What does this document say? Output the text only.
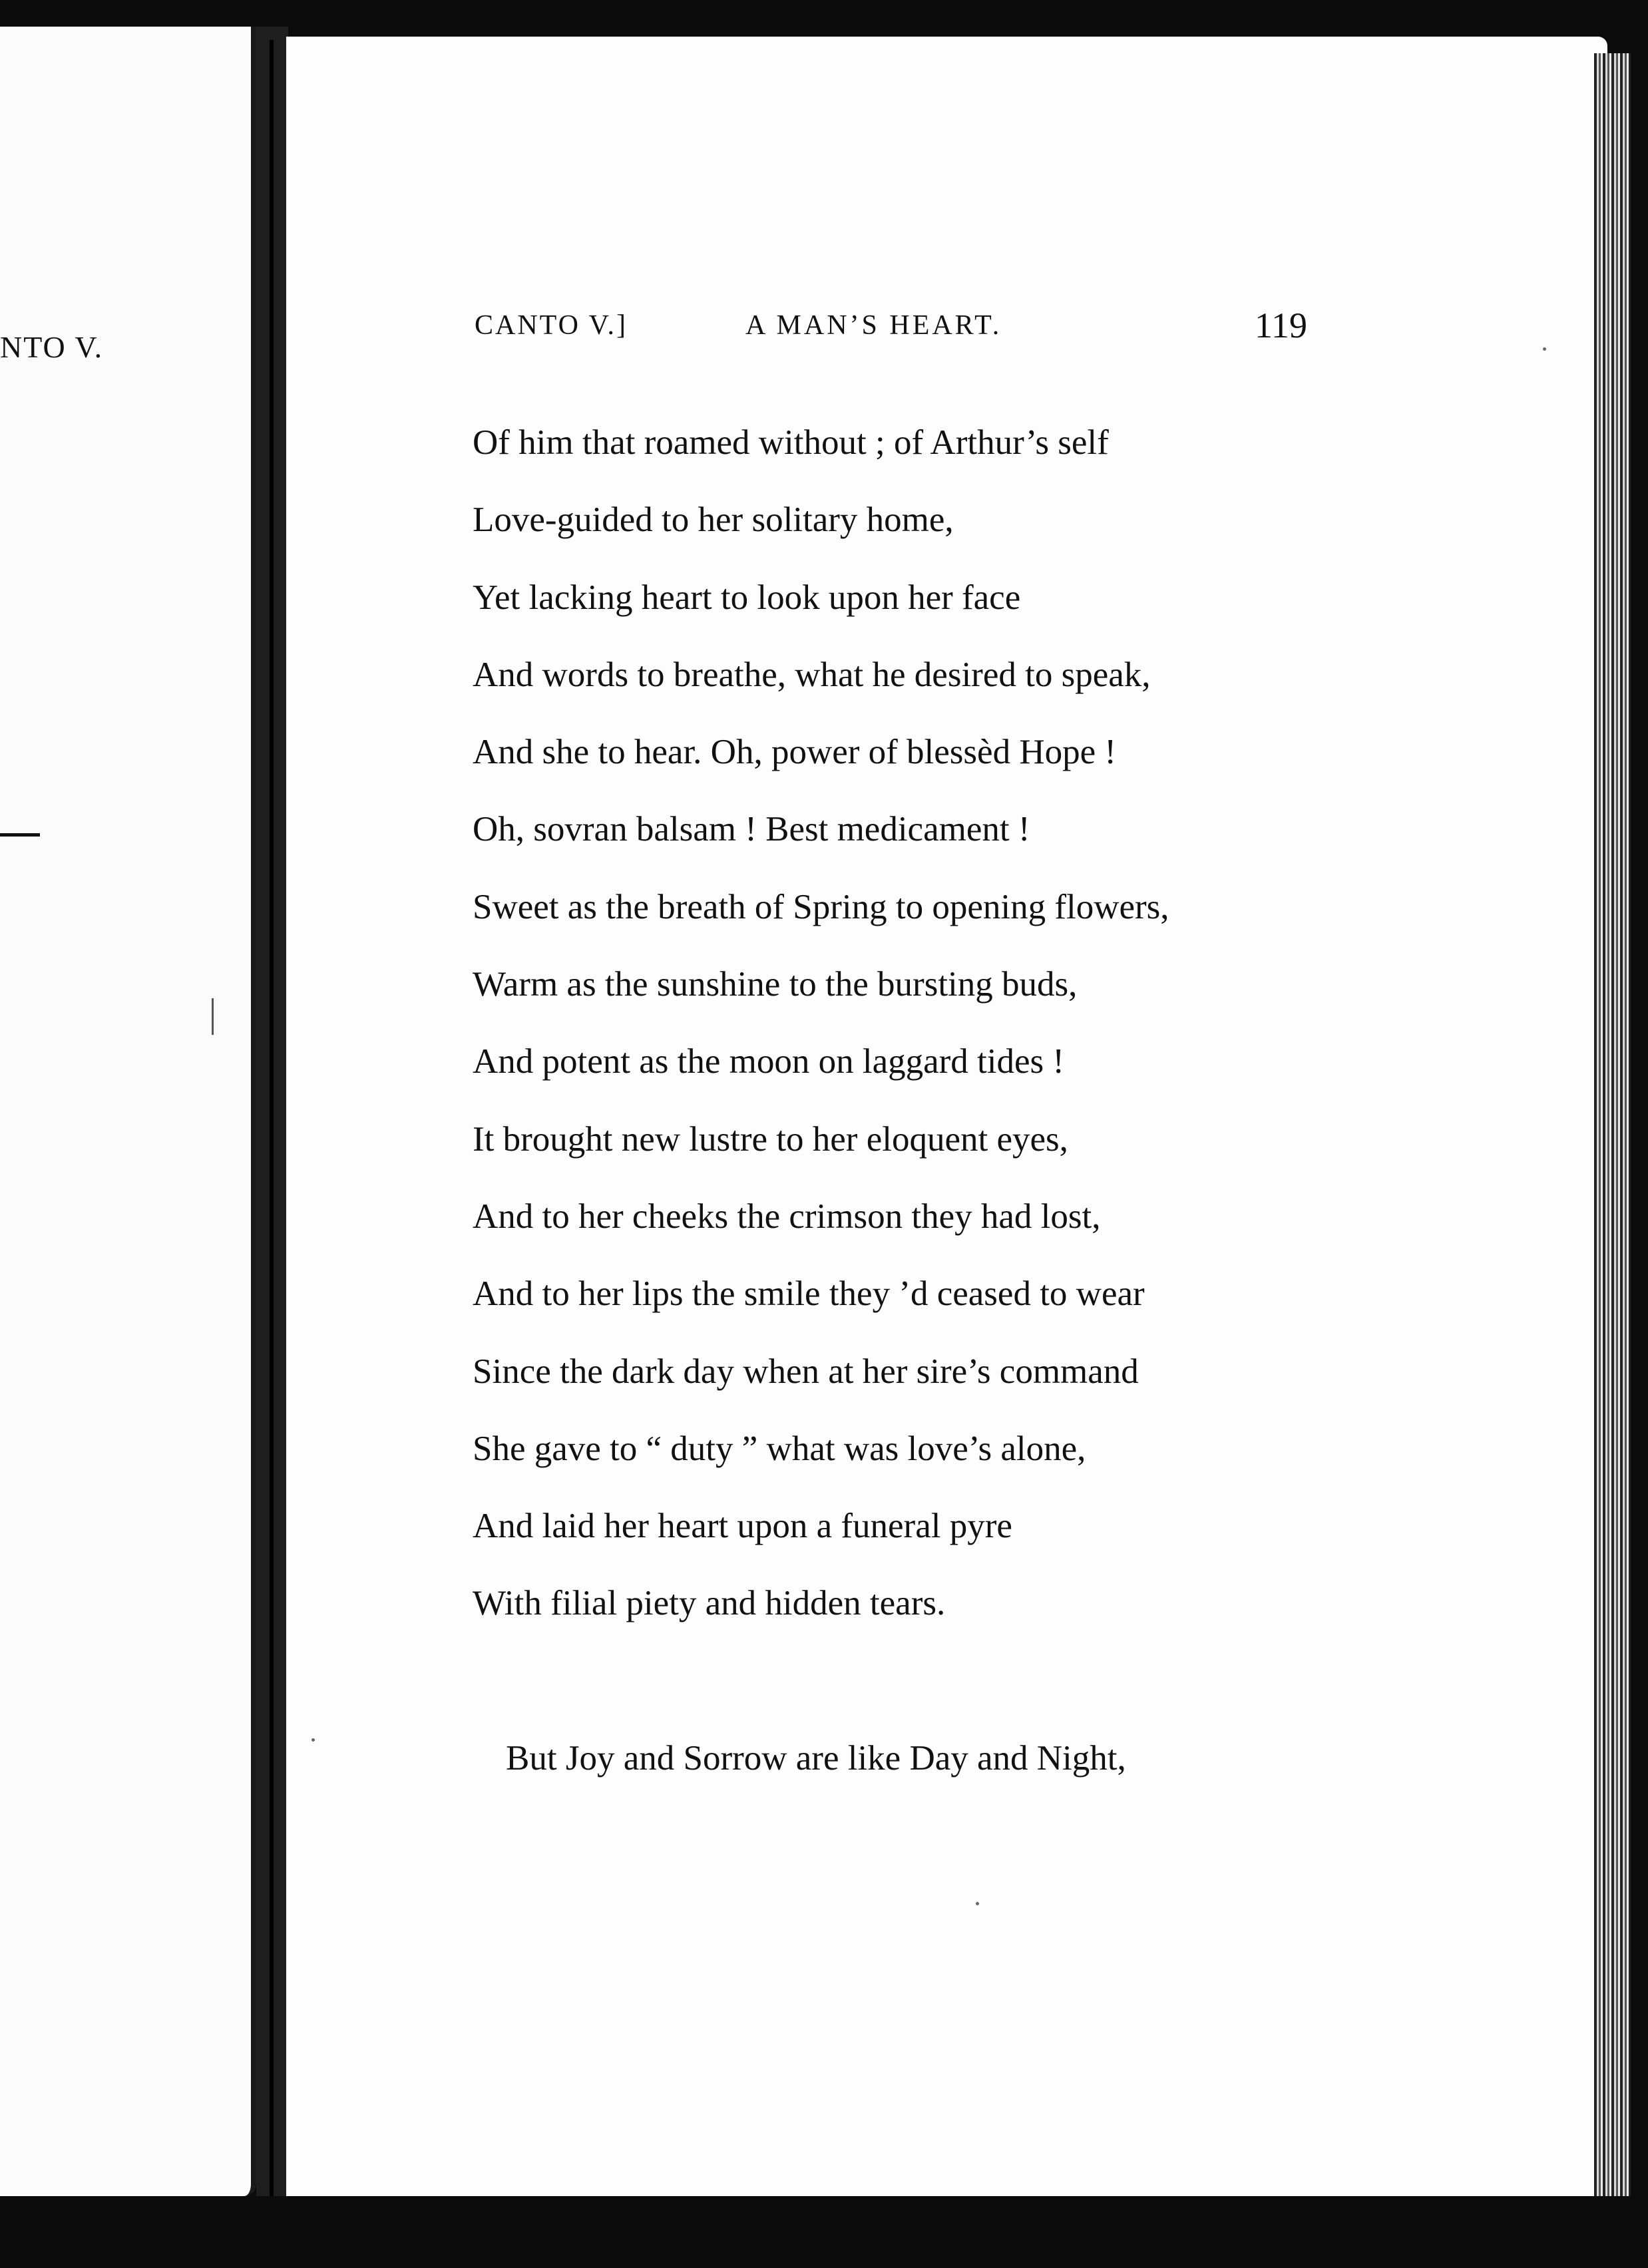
NTO V.
CANTO V.]	A MAN’S HEART.	119
Of him that roamed without ; of Arthur’s self
Love-guided to her solitary home,
Yet lacking heart to look upon her face
And words to breathe, what he desired to speak,
And she to hear. Oh, power of blessèd Hope !
Oh, sovran balsam ! Best medicament !
Sweet as the breath of Spring to opening flowers,
Warm as the sunshine to the bursting buds,
And potent as the moon on laggard tides !
It brought new lustre to her eloquent eyes,
And to her cheeks the crimson they had lost,
And to her lips the smile they ’d ceased to wear
Since the dark day when at her sire’s command
She gave to “ duty ” what was love’s alone,
And laid her heart upon a funeral pyre
With filial piety and hidden tears.
But Joy and Sorrow are like Day and Night,
